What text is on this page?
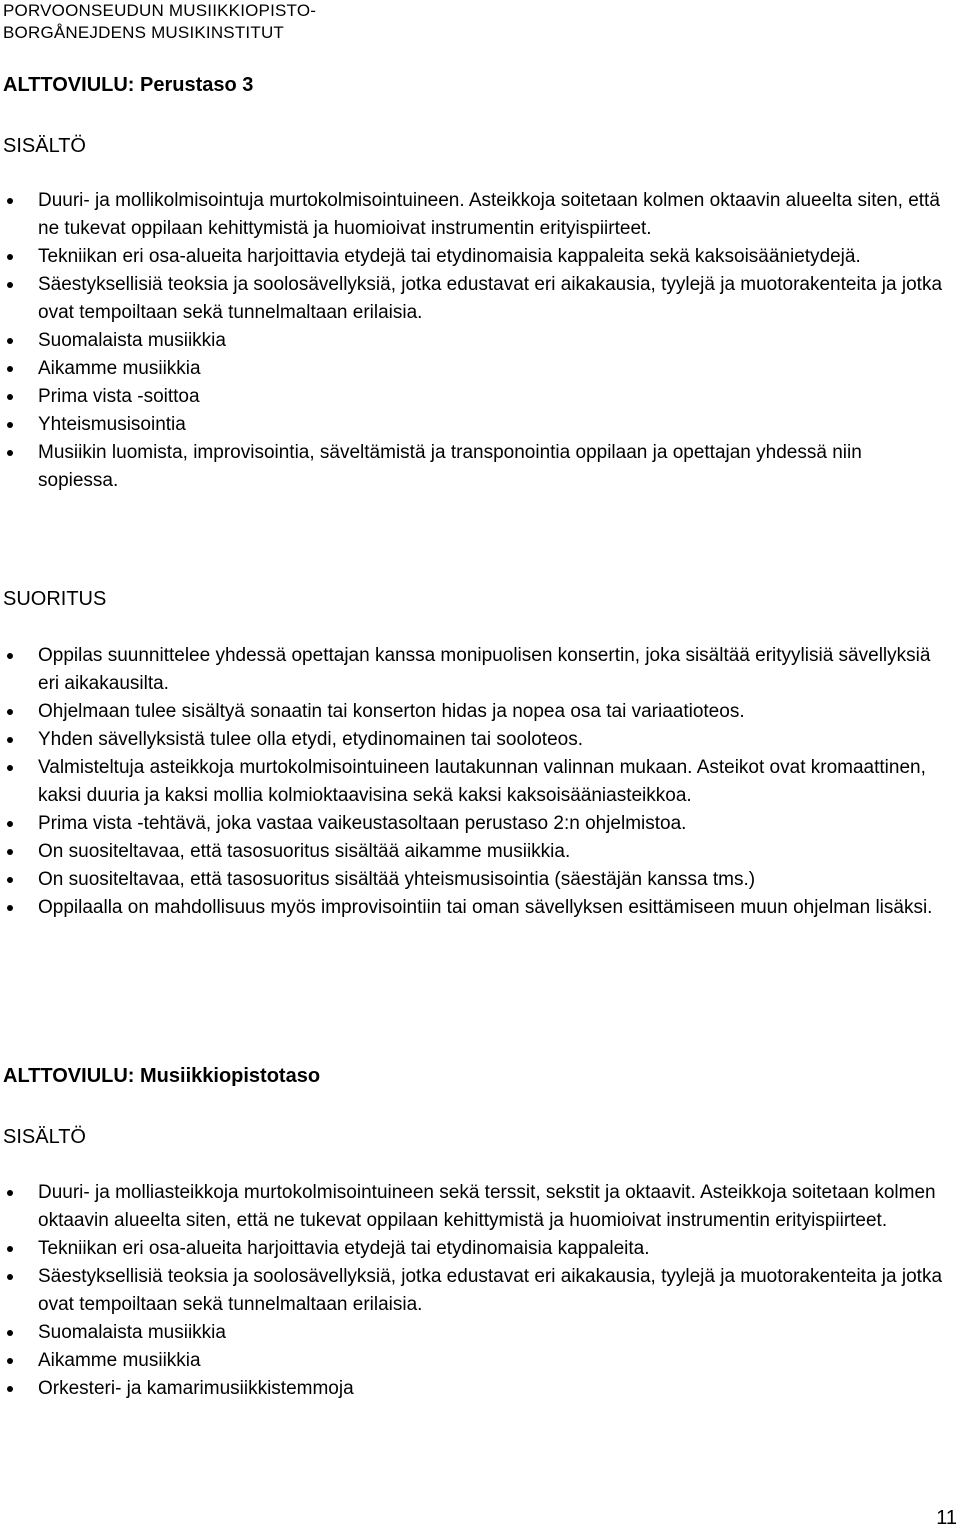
PORVOONSEUDUN MUSIIKKIOPISTO-
BORGÅNEJDENS MUSIKINSTITUT
ALTTOVIULU: Perustaso 3
SISÄLTÖ
Duuri- ja mollikolmisointuja murtokolmisointuineen. Asteikkoja soitetaan kolmen oktaavin alueelta siten, että ne tukevat oppilaan kehittymistä ja huomioivat instrumentin erityispiirteet.
Tekniikan eri osa-alueita harjoittavia etydejä tai etydinomaisia kappaleita sekä kaksoisäänietydejä.
Säestyksellisiä teoksia ja soolosävellyksiä, jotka edustavat eri aikakausia, tyylejä ja muotorakenteita ja jotka ovat tempoiltaan sekä tunnelmaltaan erilaisia.
Suomalaista musiikkia
Aikamme musiikkia
Prima vista -soittoa
Yhteismusisointia
Musiikin luomista, improvisointia, säveltämistä ja transponointia oppilaan ja opettajan yhdessä niin sopiessa.
SUORITUS
Oppilas suunnittelee yhdessä opettajan kanssa monipuolisen konsertin, joka sisältää erityylisiä sävellyksiä eri aikakausilta.
Ohjelmaan tulee sisältyä sonaatin tai konserton hidas ja nopea osa tai variaatioteos.
Yhden sävellyksistä tulee olla etydi, etydinomainen tai sooloteos.
Valmisteltuja asteikkoja murtokolmisointuineen lautakunnan valinnan mukaan. Asteikot ovat kromaattinen, kaksi duuria ja kaksi mollia kolmioktaavisina sekä kaksi kaksoisääniasteikkoa.
Prima vista -tehtävä, joka vastaa vaikeustasoltaan perustaso 2:n ohjelmistoa.
On suositeltavaa, että tasosuoritus sisältää aikamme musiikkia.
On suositeltavaa, että tasosuoritus sisältää yhteismusisointia (säestäjän kanssa tms.)
Oppilaalla on mahdollisuus myös improvisointiin tai oman sävellyksen esittämiseen muun ohjelman lisäksi.
ALTTOVIULU: Musiikkiopistotaso
SISÄLTÖ
Duuri- ja molliasteikkoja murtokolmisointuineen sekä terssit, sekstit ja oktaavit. Asteikkoja soitetaan kolmen oktaavin alueelta siten, että ne tukevat oppilaan kehittymistä ja huomioivat instrumentin erityispiirteet.
Tekniikan eri osa-alueita harjoittavia etydejä tai etydinomaisia kappaleita.
Säestyksellisiä teoksia ja soolosävellyksiä, jotka edustavat eri aikakausia, tyylejä ja muotorakenteita ja jotka ovat tempoiltaan sekä tunnelmaltaan erilaisia.
Suomalaista musiikkia
Aikamme musiikkia
Orkesteri- ja kamarimusiikkistemmoja
11
